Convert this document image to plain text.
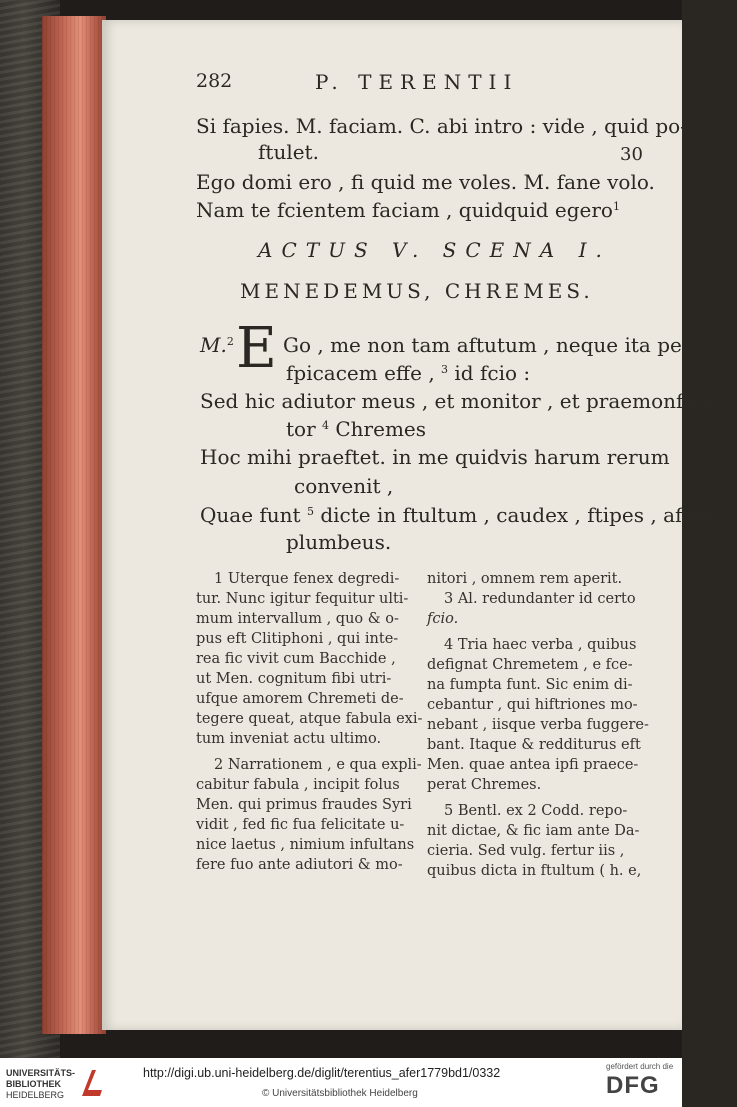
282	P. TERENTII
Si fapies. M. faciam. C. abi intro : vide , quid po-
ftulet.	30
Ego domi ero , fi quid me voles. M. fane volo.
Nam te fcientem faciam , quidquid egero$^1$
ACTUS V. SCENA I.
MENEDEMUS, CHREMES.
M.$^2$ E Go , me non tam aftutum , neque ita per-
fpicacem effe , $^3$ id fcio :
Sed hic adiutor meus , et monitor , et praemonftra-
tor $^4$ Chremes
Hoc mihi praeftet. in me quidvis harum rerum
convenit ,
Quae funt $^5$ dicte in ftultum , caudex , ftipes , afinus ,
plumbeus.
1 Uterque fenex degredi-
tur. Nunc igitur fequitur ulti-
mum intervallum , quo & o-
pus eft Clitiphoni , qui inte-
rea fic vivit cum Bacchide ,
ut Men. cognitum fibi utri-
ufque amorem Chremeti de-
tegere queat, atque fabula exi-
tum inveniat actu ultimo.
2 Narrationem , e qua expli-
cabitur fabula , incipit folus
Men. qui primus fraudes Syri
vidit , fed fic fua felicitate u-
nice laetus , nimium infultans
fere fuo ante adiutori & mo-
nitori , omnem rem aperit.
3 Al. redundanter id certo
fcio.
4 Tria haec verba , quibus
defignat Chremetem , e fce-
na fumpta funt. Sic enim di-
cebantur , qui hiftriones mo-
nebant , iisque verba fuggere-
bant. Itaque & redditurus eft
Men. quae antea ipfi praece-
perat Chremes.
5 Bentl. ex 2 Codd. repo-
nit dictae, & fic iam ante Da-
cieria. Sed vulg. fertur iis ,
quibus dicta in ftultum ( h. e,
UNIVERSITÄTS-
BIBLIOTHEK
HEIDELBERG
http://digi.ub.uni-heidelberg.de/diglit/terentius_afer1779bd1/0332
© Universitätsbibliothek Heidelberg
gefördert durch die
DFG
